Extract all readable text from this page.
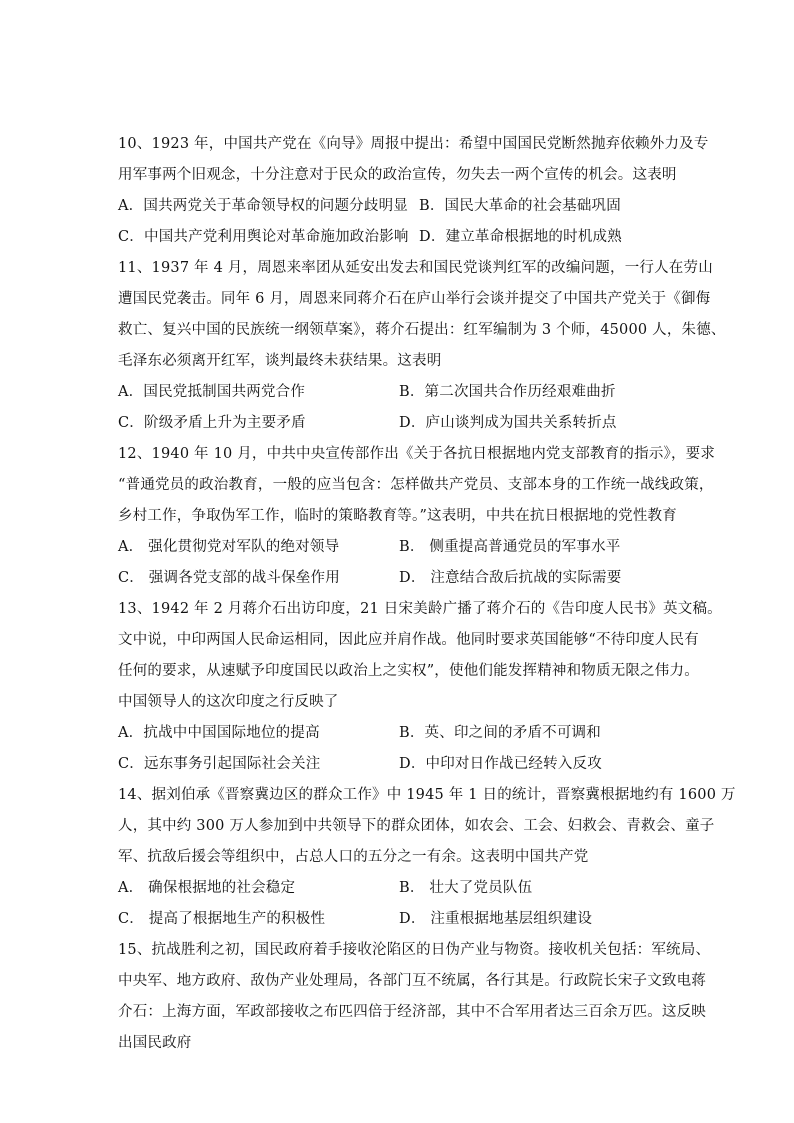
10、1923 年，中国共产党在《向导》周报中提出：希望中国国民党断然抛弃依赖外力及专
用军事两个旧观念，十分注意对于民众的政治宣传，勿失去一两个宣传的机会。这表明
A．国共两党关于革命领导权的问题分歧明显 B．国民大革命的社会基础巩固
C．中国共产党利用舆论对革命施加政治影响 D．建立革命根据地的时机成熟
11、1937 年 4 月，周恩来率团从延安出发去和国民党谈判红军的改编问题，一行人在劳山
遭国民党袭击。同年 6 月，周恩来同蒋介石在庐山举行会谈并提交了中国共产党关于《御侮
救亡、复兴中国的民族统一纲领草案》，蒋介石提出：红军编制为 3 个师，45000 人，朱德、
毛泽东必须离开红军，谈判最终未获结果。这表明
A．国民党抵制国共两党合作	B．第二次国共合作历经艰难曲折
C．阶级矛盾上升为主要矛盾	D．庐山谈判成为国共关系转折点
12、1940 年 10 月，中共中央宣传部作出《关于各抗日根据地内党支部教育的指示》，要求
“普通党员的政治教育，一般的应当包含：怎样做共产党员、支部本身的工作统一战线政策，
乡村工作，争取伪军工作，临时的策略教育等。”这表明，中共在抗日根据地的党性教育
A． 强化贯彻党对军队的绝对领导	B． 侧重提高普通党员的军事水平
C． 强调各党支部的战斗保垒作用	D． 注意结合敌后抗战的实际需要
13、1942 年 2 月蒋介石出访印度，21 日宋美龄广播了蒋介石的《告印度人民书》英文稿。
文中说，中印两国人民命运相同，因此应并肩作战。他同时要求英国能够“不待印度人民有
任何的要求，从速赋予印度国民以政治上之实权”，使他们能发挥精神和物质无限之伟力。
中国领导人的这次印度之行反映了
A．抗战中中国国际地位的提高	B．英、印之间的矛盾不可调和
C．远东事务引起国际社会关注	D．中印对日作战已经转入反攻
14、据刘伯承《晋察冀边区的群众工作》中 1945 年 1 日的统计，晋察冀根据地约有 1600 万
人，其中约 300 万人参加到中共领导下的群众团体，如农会、工会、妇救会、青救会、童子
军、抗敌后援会等组织中，占总人口的五分之一有余。这表明中国共产党
A． 确保根据地的社会稳定	B． 壮大了党员队伍
C． 提高了根据地生产的积极性	D． 注重根据地基层组织建设
15、抗战胜利之初，国民政府着手接收沦陷区的日伪产业与物资。接收机关包括：军统局、
中央军、地方政府、敌伪产业处理局，各部门互不统属，各行其是。行政院长宋子文致电蒋
介石：上海方面，军政部接收之布匹四倍于经济部，其中不合军用者达三百余万匹。这反映
出国民政府
